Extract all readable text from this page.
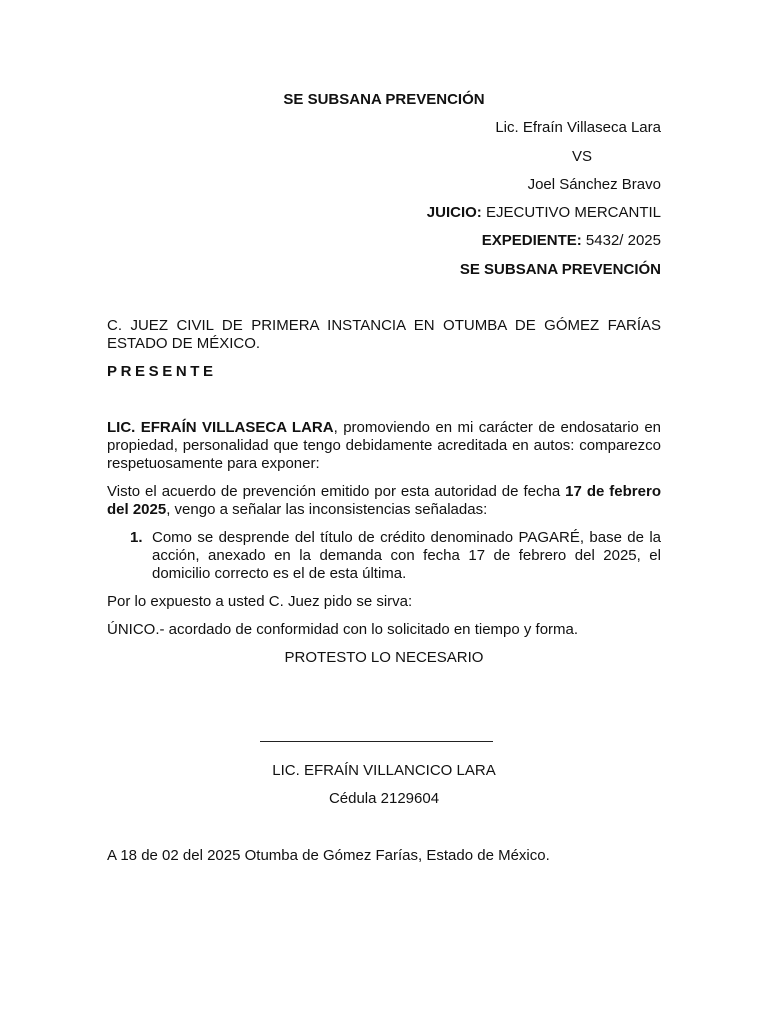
SE SUBSANA PREVENCIÓN
Lic. Efraín Villaseca Lara
VS
Joel Sánchez Bravo
JUICIO: EJECUTIVO MERCANTIL
EXPEDIENTE: 5432/ 2025
SE SUBSANA PREVENCIÓN
C. JUEZ CIVIL DE PRIMERA INSTANCIA EN OTUMBA DE GÓMEZ FARÍAS ESTADO DE MÉXICO.
PRESENTE
LIC. EFRAÍN VILLASECA LARA, promoviendo en mi carácter de endosatario en propiedad, personalidad que tengo debidamente acreditada en autos: comparezco respetuosamente para exponer:
Visto el acuerdo de prevención emitido por esta autoridad de fecha 17 de febrero del 2025, vengo a señalar las inconsistencias señaladas:
1. Como se desprende del título de crédito denominado PAGARÉ, base de la acción, anexado en la demanda con fecha 17 de febrero del 2025, el domicilio correcto es el de esta última.
Por lo expuesto a usted C. Juez pido se sirva:
ÚNICO.- acordado de conformidad con lo solicitado en tiempo y forma.
PROTESTO LO NECESARIO
LIC. EFRAÍN VILLANCICO LARA
Cédula 2129604
A 18 de 02 del 2025 Otumba de Gómez Farías, Estado de México.
